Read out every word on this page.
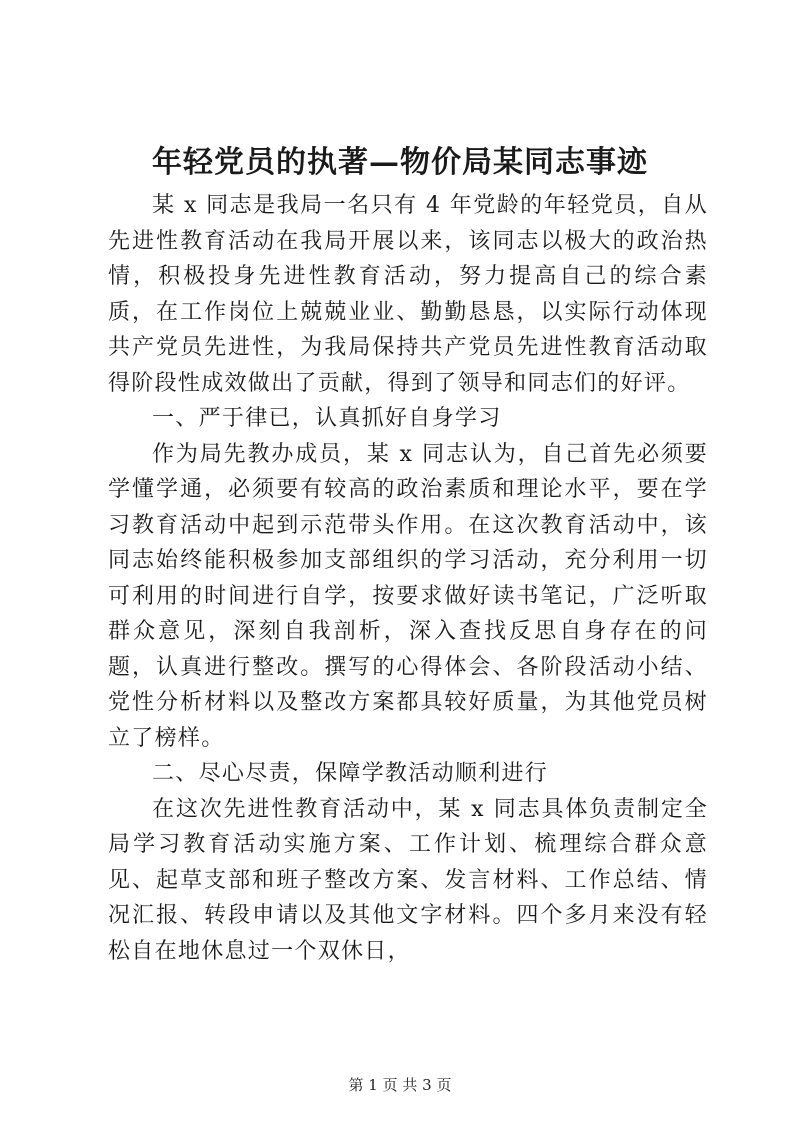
年轻党员的执著—物价局某同志事迹

某 x 同志是我局一名只有 4 年党龄的年轻党员，自从先进性教育活动在我局开展以来，该同志以极大的政治热情，积极投身先进性教育活动，努力提高自己的综合素质，在工作岗位上兢兢业业、勤勤恳恳，以实际行动体现共产党员先进性，为我局保持共产党员先进性教育活动取得阶段性成效做出了贡献，得到了领导和同志们的好评。

一、严于律已，认真抓好自身学习

作为局先教办成员，某 x 同志认为，自己首先必须要学懂学通，必须要有较高的政治素质和理论水平，要在学习教育活动中起到示范带头作用。在这次教育活动中，该同志始终能积极参加支部组织的学习活动，充分利用一切可利用的时间进行自学，按要求做好读书笔记，广泛听取群众意见，深刻自我剖析，深入查找反思自身存在的问题，认真进行整改。撰写的心得体会、各阶段活动小结、党性分析材料以及整改方案都具较好质量，为其他党员树立了榜样。

二、尽心尽责，保障学教活动顺利进行

在这次先进性教育活动中，某 x 同志具体负责制定全局学习教育活动实施方案、工作计划、梳理综合群众意见、起草支部和班子整改方案、发言材料、工作总结、情况汇报、转段申请以及其他文字材料。四个多月来没有轻松自在地休息过一个双休日，

第 1 页 共 3 页
